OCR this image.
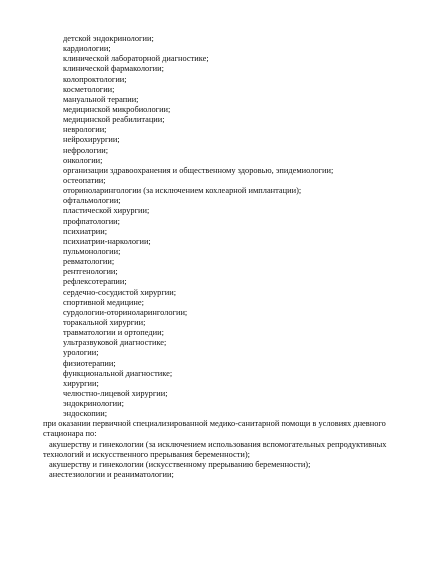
детской эндокринологии;
кардиологии;
клинической лабораторной диагностике;
клинической фармакологии;
колопроктологии;
косметологии;
мануальной терапии;
медицинской микробиологии;
медицинской реабилитации;
неврологии;
нейрохирургии;
нефрологии;
онкологии;
организации здравоохранения и общественному здоровью, эпидемиологии;
остеопатии;
оториноларингологии (за исключением кохлеарной имплантации);
офтальмологии;
пластической хирургии;
профпатологии;
психиатрии;
психиатрии-наркологии;
пульмонологии;
ревматологии;
рентгенологии;
рефлексотерапии;
сердечно-сосудистой хирургии;
спортивной медицине;
сурдологии-оториноларингологии;
торакальной хирургии;
травматологии и ортопедии;
ультразвуковой диагностике;
урологии;
физиотерапии;
функциональной диагностике;
хирургии;
челюстно-лицевой хирургии;
эндокринологии;
эндоскопии;
при оказании первичной специализированной медико-санитарной помощи в условиях дневного
стационара по:
акушерству и гинекологии (за исключением использования вспомогательных репродуктивных
технологий и искусственного прерывания беременности);
акушерству и гинекологии (искусственному прерыванию беременности);
анестезиологии и реаниматологии;
